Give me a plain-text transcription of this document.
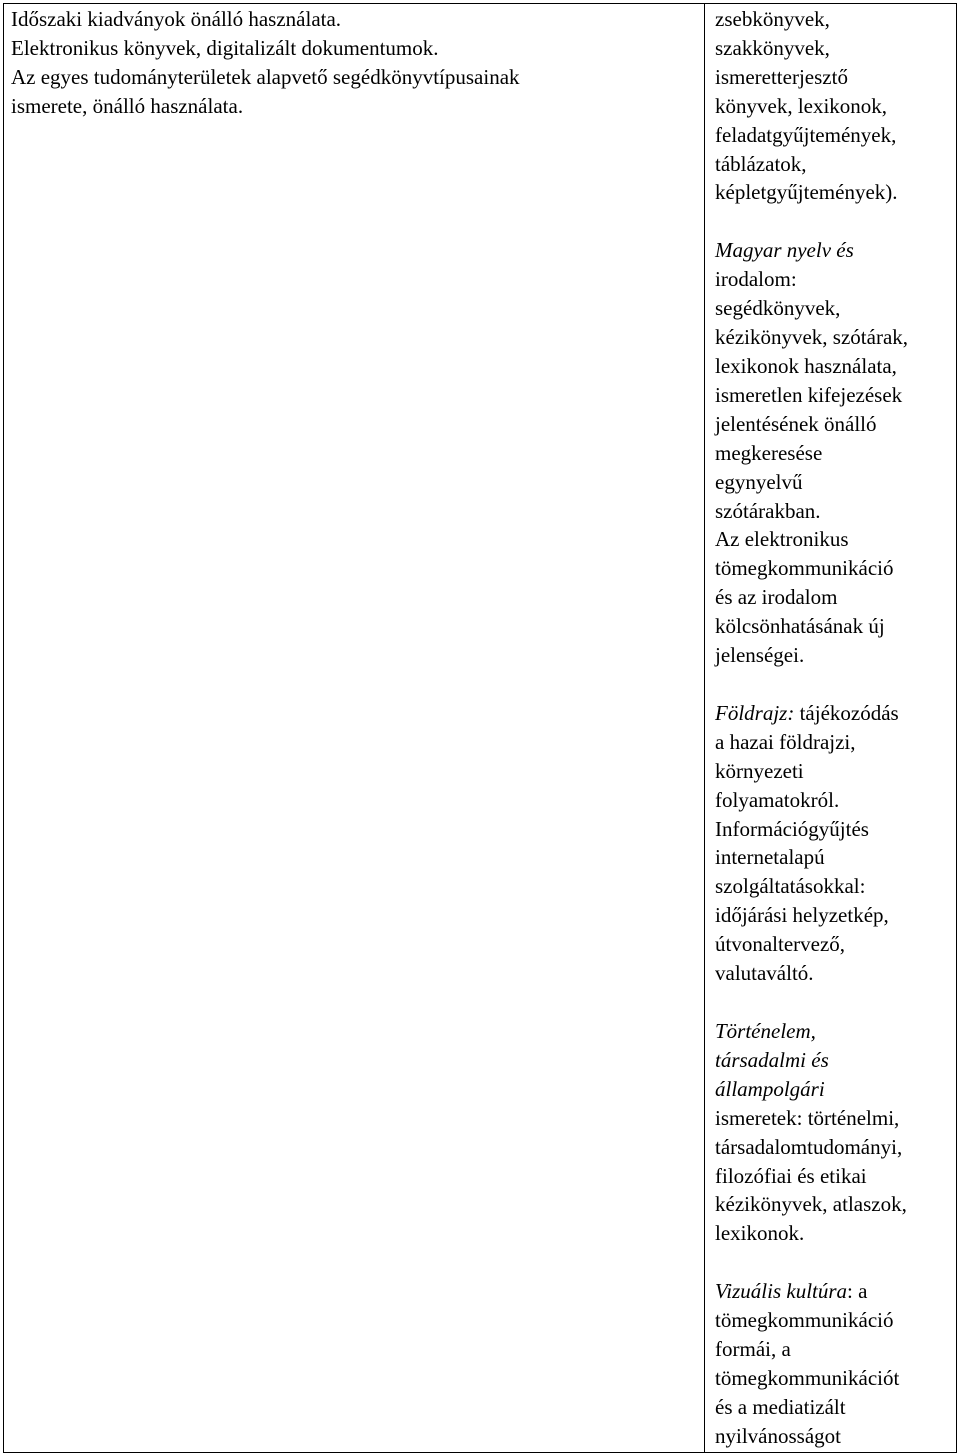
Időszaki kiadványok önálló használata.
Elektronikus könyvek, digitalizált dokumentumok.
Az egyes tudományterületek alapvető segédkönyvtípusainak
ismerete, önálló használata.
zsebkönyvek,
szakkönyvek,
ismeretterjesztő
könyvek, lexikonok,
feladatgyűjtemények,
táblázatok,
képletgyűjtemények).
Magyar nyelv és
irodalom:
segédkönyvek,
kézikönyvek, szótárak,
lexikonok használata,
ismeretlen kifejezések
jelentésének önálló
megkeresése
egynyelvű
szótárakban.
Az elektronikus
tömegkommunikáció
és az irodalom
kölcsönhatásának új
jelenségei.
Földrajz: tájékozódás
a hazai földrajzi,
környezeti
folyamatokról.
Információgyűjtés
internetalapú
szolgáltatásokkal:
időjárási helyzetkép,
útvonaltervező,
valutaváltó.
Történelem,
társadalmi és
állampolgári
ismeretek: történelmi,
társadalomtudományi,
filozófiai és etikai
kézikönyvek, atlaszok,
lexikonok.
Vizuális kultúra: a
tömegkommunikáció
formái, a
tömegkommunikációt
és a mediatizált
nyilvánosságot
